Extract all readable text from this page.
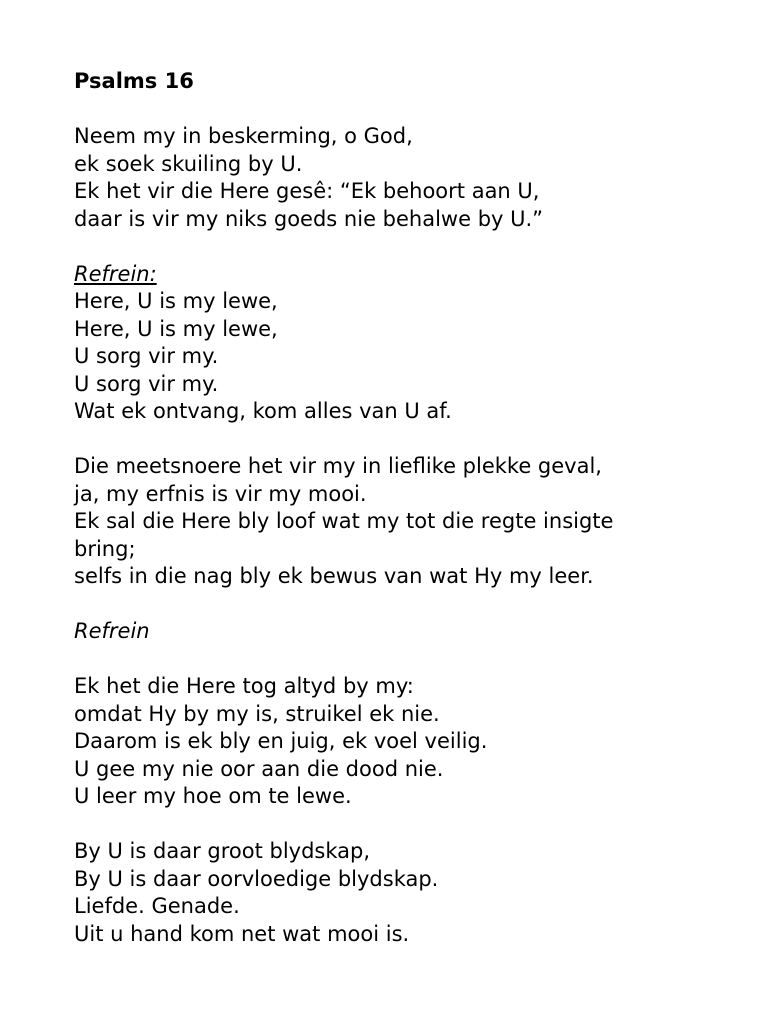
Psalms 16
Neem my in beskerming, o God,
ek soek skuiling by U.
Ek het vir die Here gesê: “Ek behoort aan U,
daar is vir my niks goeds nie behalwe by U.”
Refrein:
Here, U is my lewe,
Here, U is my lewe,
U sorg vir my.
U sorg vir my.
Wat ek ontvang, kom alles van U af.
Die meetsnoere het vir my in lieflike plekke geval,
ja, my erfnis is vir my mooi.
Ek sal die Here bly loof wat my tot die regte insigte
bring;
selfs in die nag bly ek bewus van wat Hy my leer.
Refrein
Ek het die Here tog altyd by my:
omdat Hy by my is, struikel ek nie.
Daarom is ek bly en juig, ek voel veilig.
U gee my nie oor aan die dood nie.
U leer my hoe om te lewe.
By U is daar groot blydskap,
By U is daar oorvloedige blydskap.
Liefde. Genade.
Uit u hand kom net wat mooi is.
